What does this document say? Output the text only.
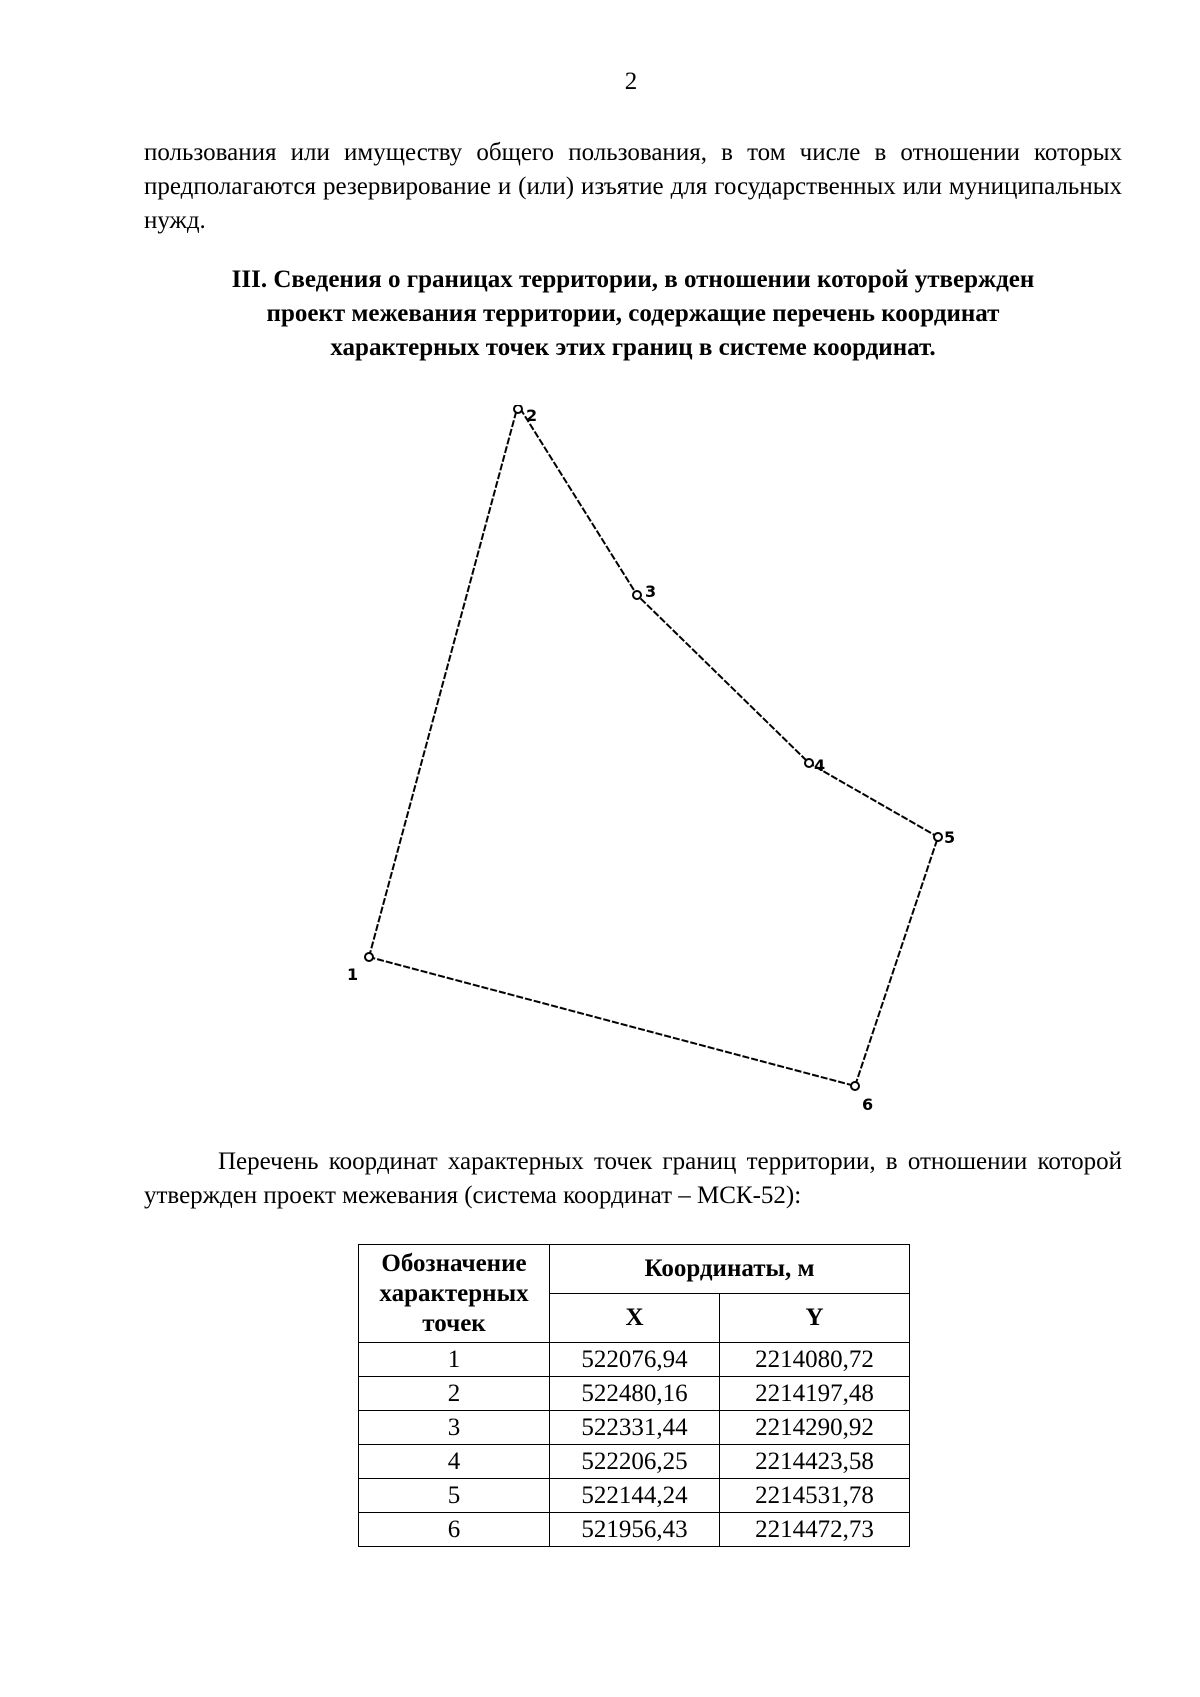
2

пользования или имуществу общего пользования, в том числе в отношении которых предполагаются резервирование и (или) изъятие для государственных или муниципальных нужд.

III. Сведения о границах территории, в отношении которой утвержден
проект межевания территории, содержащие перечень координат
характерных точек этих границ в системе координат.
1
2
3
4
5
6

Перечень координат характерных точек границ территории, в отношении которой утвержден проект межевания (система координат – МСК-52):

Обозначение характерных точек	Координаты, м	
	X	Y
1	522076,94	2214080,72
2	522480,16	2214197,48
3	522331,44	2214290,92
4	522206,25	2214423,58
5	522144,24	2214531,78
6	521956,43	2214472,73
